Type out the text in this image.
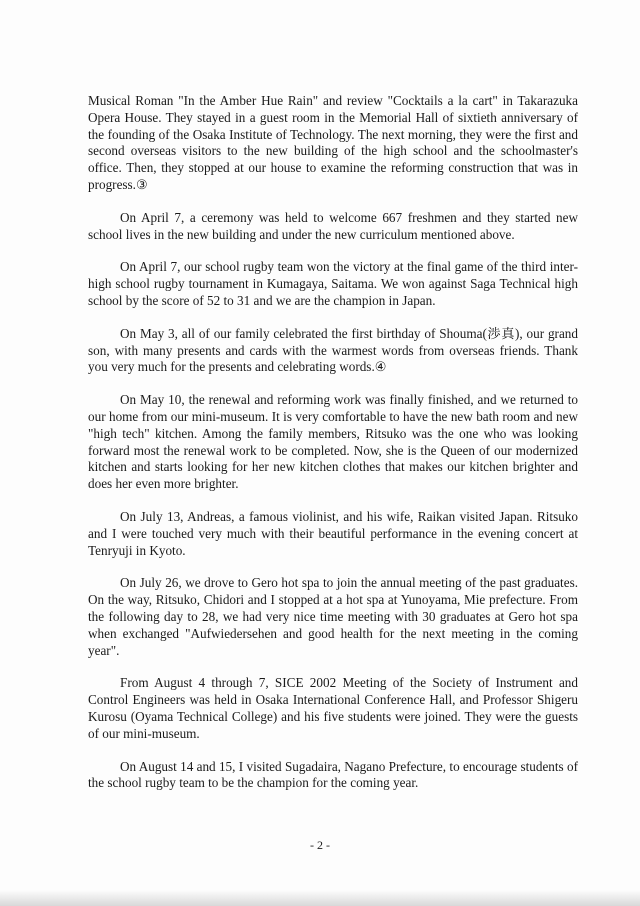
Musical Roman "In the Amber Hue Rain" and review "Cocktails a la cart" in Takarazuka Opera House. They stayed in a guest room in the Memorial Hall of sixtieth anniversary of the founding of the Osaka Institute of Technology. The next morning, they were the first and second overseas visitors to the new building of the high school and the schoolmaster's office. Then, they stopped at our house to examine the reforming construction that was in progress.③

On April 7, a ceremony was held to welcome 667 freshmen and they started new school lives in the new building and under the new curriculum mentioned above.

On April 7, our school rugby team won the victory at the final game of the third inter-high school rugby tournament in Kumagaya, Saitama. We won against Saga Technical high school by the score of 52 to 31 and we are the champion in Japan.

On May 3, all of our family celebrated the first birthday of Shouma(渉真), our grand son, with many presents and cards with the warmest words from overseas friends. Thank you very much for the presents and celebrating words.④

On May 10, the renewal and reforming work was finally finished, and we returned to our home from our mini-museum. It is very comfortable to have the new bath room and new "high tech" kitchen. Among the family members, Ritsuko was the one who was looking forward most the renewal work to be completed. Now, she is the Queen of our modernized kitchen and starts looking for her new kitchen clothes that makes our kitchen brighter and does her even more brighter.

On July 13, Andreas, a famous violinist, and his wife, Raikan visited Japan. Ritsuko and I were touched very much with their beautiful performance in the evening concert at Tenryuji in Kyoto.

On July 26, we drove to Gero hot spa to join the annual meeting of the past graduates. On the way, Ritsuko, Chidori and I stopped at a hot spa at Yunoyama, Mie prefecture. From the following day to 28, we had very nice time meeting with 30 graduates at Gero hot spa when exchanged "Aufwiedersehen and good health for the next meeting in the coming year".

From August 4 through 7, SICE 2002 Meeting of the Society of Instrument and Control Engineers was held in Osaka International Conference Hall, and Professor Shigeru Kurosu (Oyama Technical College) and his five students were joined. They were the guests of our mini-museum.

On August 14 and 15, I visited Sugadaira, Nagano Prefecture, to encourage students of the school rugby team to be the champion for the coming year.

- 2 -
